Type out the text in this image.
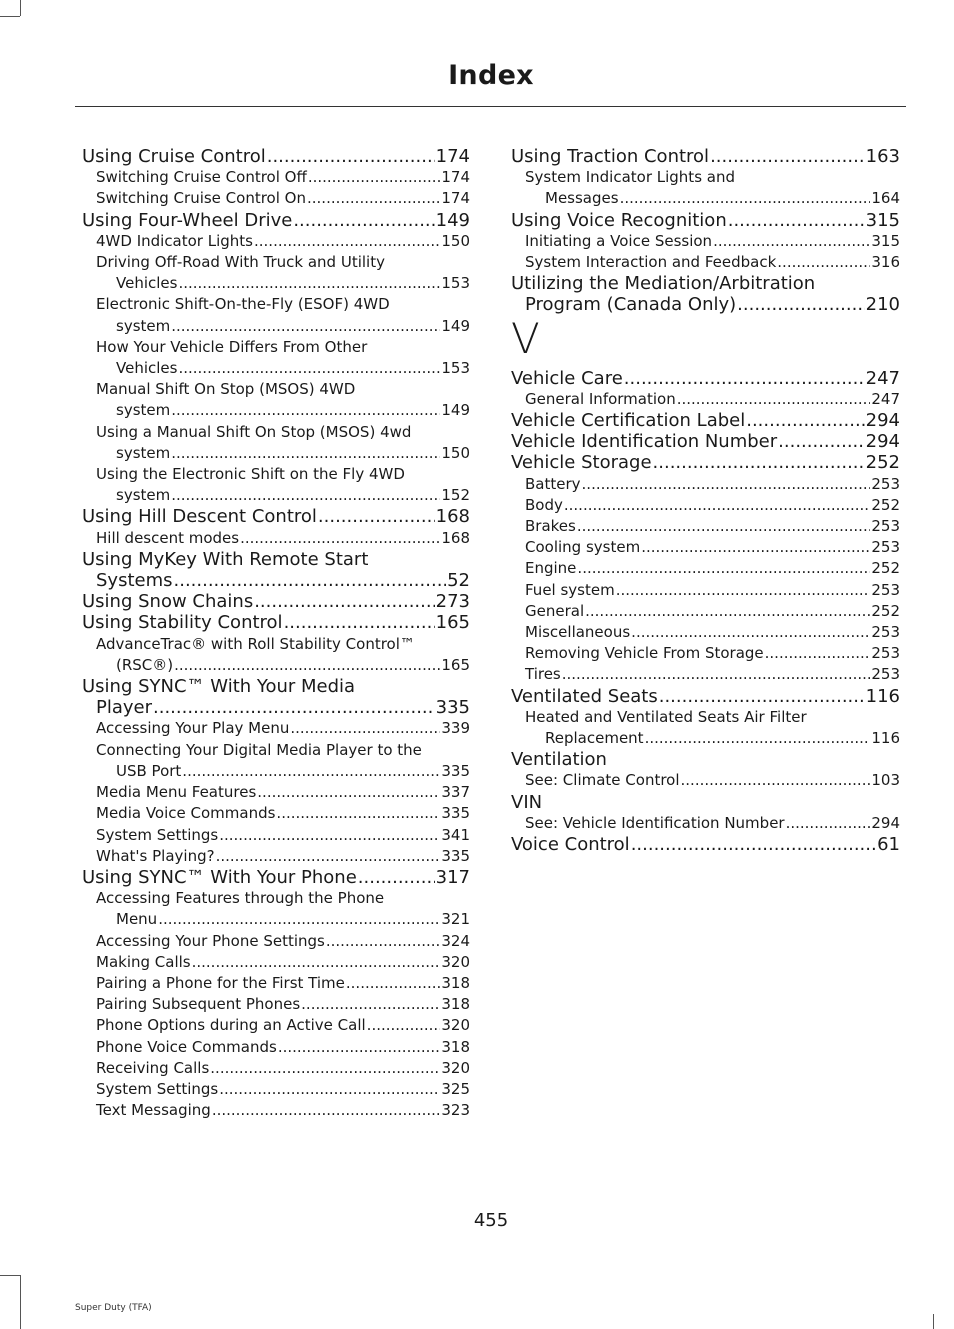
Index
Using Cruise Control .....	174
Switching Cruise Control Off .....	174
Switching Cruise Control On .....	174
Using Four-Wheel Drive .....	149
4WD Indicator Lights .....	150
Driving Off-Road With Truck and Utility
Vehicles .....	153
Electronic Shift-On-the-Fly (ESOF) 4WD
system .....	149
How Your Vehicle Differs From Other
Vehicles .....	153
Manual Shift On Stop (MSOS) 4WD
system .....	149
Using a Manual Shift On Stop (MSOS) 4wd
system .....	150
Using the Electronic Shift on the Fly 4WD
system .....	152
Using Hill Descent Control .....	168
Hill descent modes .....	168
Using MyKey With Remote Start
Systems .....	52
Using Snow Chains .....	273
Using Stability Control .....	165
AdvanceTrac® with Roll Stability Control™
(RSC®) .....	165
Using SYNC™ With Your Media
Player .....	335
Accessing Your Play Menu .....	339
Connecting Your Digital Media Player to the
USB Port .....	335
Media Menu Features .....	337
Media Voice Commands .....	335
System Settings .....	341
What's Playing? .....	335
Using SYNC™ With Your Phone .....	317
Accessing Features through the Phone
Menu .....	321
Accessing Your Phone Settings .....	324
Making Calls .....	320
Pairing a Phone for the First Time .....	318
Pairing Subsequent Phones .....	318
Phone Options during an Active Call .....	320
Phone Voice Commands .....	318
Receiving Calls .....	320
System Settings .....	325
Text Messaging .....	323
Using Traction Control .....	163
System Indicator Lights and
Messages .....	164
Using Voice Recognition .....	315
Initiating a Voice Session .....	315
System Interaction and Feedback .....	316
Utilizing the Mediation/Arbitration
Program (Canada Only) .....	210
V
Vehicle Care .....	247
General Information .....	247
Vehicle Certification Label .....	294
Vehicle Identification Number .....	294
Vehicle Storage .....	252
Battery .....	253
Body .....	252
Brakes .....	253
Cooling system .....	253
Engine .....	252
Fuel system .....	253
General .....	252
Miscellaneous .....	253
Removing Vehicle From Storage .....	253
Tires .....	253
Ventilated Seats .....	116
Heated and Ventilated Seats Air Filter
Replacement .....	116
Ventilation
See: Climate Control .....	103
VIN
See: Vehicle Identification Number .....	294
Voice Control .....	61
455
Super Duty (TFA)
